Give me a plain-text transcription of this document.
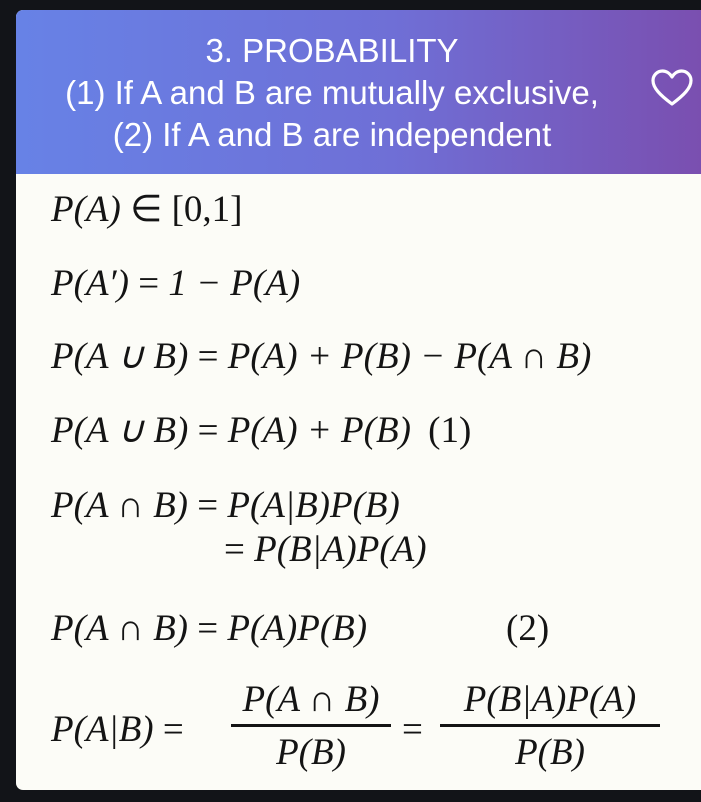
3. PROBABILITY
(1) If A and B are mutually exclusive,
(2) If A and B are independent
P(A) ∈ [0,1]
P(A′) = 1 − P(A)
P(A ∪ B) = P(A) + P(B) − P(A ∩ B)
P(A ∪ B) = P(A) + P(B) (1)
P(A ∩ B) = P(A|B)P(B)
= P(B|A)P(A)
P(A ∩ B) = P(A)P(B)	(2)
P(A|B) =
P(A ∩ B)
P(B)
=
P(B|A)P(A)
P(B)
